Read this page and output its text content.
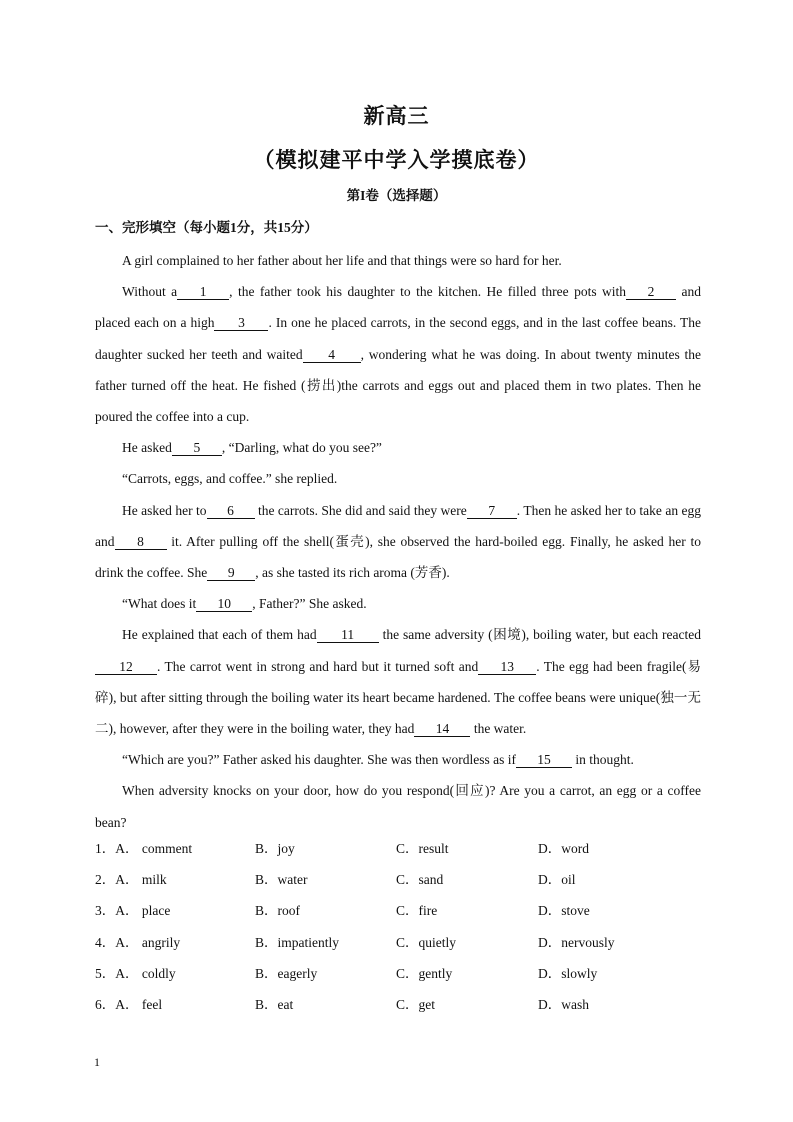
新高三
（模拟建平中学入学摸底卷）
第I卷（选择题）
一、完形填空（每小题1分，共15分）

A girl complained to her father about her life and that things were so hard for her.

Without a 1 , the father took his daughter to the kitchen. He filled three pots with 2 and placed each on a high 3 . In one he placed carrots, in the second eggs, and in the last coffee beans. The daughter sucked her teeth and waited 4 , wondering what he was doing. In about twenty minutes the father turned off the heat. He fished (捞出)the carrots and eggs out and placed them in two plates. Then he poured the coffee into a cup.

He asked 5 , “Darling, what do you see?”

“Carrots, eggs, and coffee.” she replied.

He asked her to 6 the carrots. She did and said they were 7 . Then he asked her to take an egg and 8 it. After pulling off the shell(蛋壳), she observed the hard-boiled egg. Finally, he asked her to drink the coffee. She 9 , as she tasted its rich aroma (芳香).

“What does it 10 , Father?” She asked.

He explained that each of them had 11 the same adversity (困境), boiling water, but each reacted12 . The carrot went in strong and hard but it turned soft and 13 . The egg had been fragile(易碎), but after sitting through the boiling water its heart became hardened. The coffee beans were unique(独一无二), however, after they were in the boiling water, they had 14 the water.

“Which are you?” Father asked his daughter. She was then wordless as if 15 in thought.

When adversity knocks on your door, how do you respond(回应)? Are you a carrot, an egg or a coffee bean?

1．A． comment	B．joy	C．result	D．word
2．A． milk	B．water	C．sand	D．oil
3．A． place	B．roof	C．fire	D．stove
4．A． angrily	B．impatiently	C．quietly	D．nervously
5．A． coldly	B．eagerly	C．gently	D．slowly
6．A． feel	B．eat	C．get	D．wash
1
